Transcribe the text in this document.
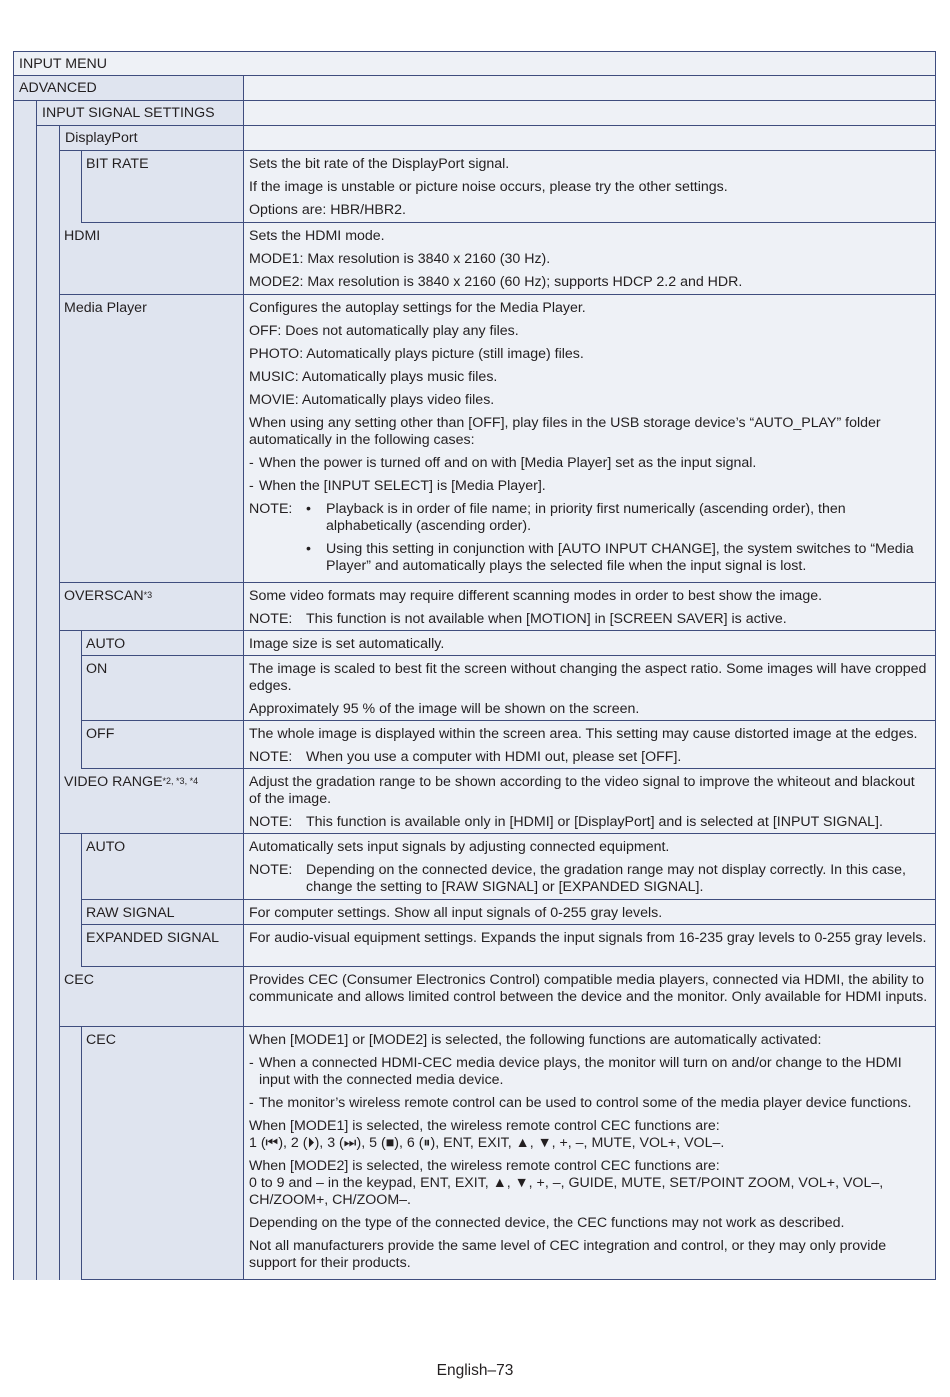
INPUT MENU
ADVANCED
INPUT SIGNAL SETTINGS
DisplayPort
BIT RATE	Sets the bit rate of the DisplayPort signal.

If the image is unstable or picture noise occurs, please try the other settings.

Options are: HBR/HBR2.

HDMI	Sets the HDMI mode.

MODE1: Max resolution is 3840 x 2160 (30 Hz).

MODE2: Max resolution is 3840 x 2160 (60 Hz); supports HDCP 2.2 and HDR.

Media Player	Configures the autoplay settings for the Media Player.

OFF: Does not automatically play any files.

PHOTO: Automatically plays picture (still image) files.

MUSIC: Automatically plays music files.

MOVIE: Automatically plays video files.

When using any setting other than [OFF], play files in the USB storage device’s “AUTO_PLAY” folder automatically in the following cases:

- When the power is turned off and on with [Media Player] set as the input signal.

- When the [INPUT SELECT] is [Media Player].

NOTE: •	Playback is in order of file name; in priority first numerically (ascending order), then alphabetically (ascending order).
•	Using this setting in conjunction with [AUTO INPUT CHANGE], the system switches to “Media Player” and automatically plays the selected file when the input signal is lost.
OVERSCAN$^{*3}$	Some video formats may require different scanning modes in order to best show the image.

NOTE: This function is not available when [MOTION] in [SCREEN SAVER] is active.
AUTO	Image size is set automatically.

ON	The image is scaled to best fit the screen without changing the aspect ratio. Some images will have cropped edges.

Approximately 95 % of the image will be shown on the screen.

OFF	The whole image is displayed within the screen area. This setting may cause distorted image at the edges.

NOTE: When you use a computer with HDMI out, please set [OFF].
VIDEO $RANGE^{*2, *3, *4}$	Adjust the gradation range to be shown according to the video signal to improve the whiteout and blackout of the image.

NOTE: This function is available only in [HDMI] or [DisplayPort] and is selected at [INPUT SIGNAL].
AUTO	Automatically sets input signals by adjusting connected equipment.

NOTE: Depending on the connected device, the gradation range may not display correctly. In this case, change the setting to [RAW SIGNAL] or [EXPANDED SIGNAL].
RAW SIGNAL	For computer settings. Show all input signals of 0-255 gray levels.

EXPANDED SIGNAL	For audio-visual equipment settings. Expands the input signals from 16-235 gray levels to 0-255 gray levels.

CEC	Provides CEC (Consumer Electronics Control) compatible media players, connected via HDMI, the ability to communicate and allows limited control between the device and the monitor. Only available for HDMI inputs.

CEC	When [MODE1] or [MODE2] is selected, the following functions are automatically activated:

- When a connected HDMI-CEC media device plays, the monitor will turn on and/or change to the HDMI input with the connected media device.

- The monitor’s wireless remote control can be used to control some of the media player device functions.

When [MODE1] is selected, the wireless remote control CEC functions are:
1 (⏮), 2 (⏵), 3 (⏭), 5 (■), 6 (⏸), ENT, EXIT, ▲, ▼, +, –, MUTE, VOL+, VOL–.

When [MODE2] is selected, the wireless remote control CEC functions are:
0 to 9 and – in the keypad, ENT, EXIT, ▲, ▼, +, –, GUIDE, MUTE, SET/POINT ZOOM, VOL+, VOL–, CH/ZOOM+, CH/ZOOM–.

Depending on the type of the connected device, the CEC functions may not work as described.

Not all manufacturers provide the same level of CEC integration and control, or they may only provide support for their products.

English–73
